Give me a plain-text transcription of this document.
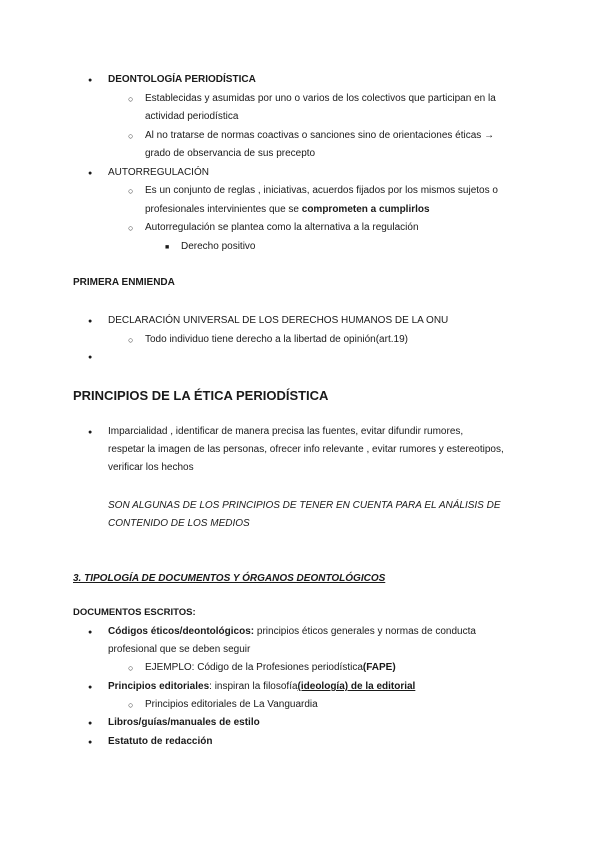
●
DEONTOLOGÍA PERIODÍSTICA
○
Establecidas y asumidas por uno o varios de los colectivos que participan en la
actividad periodística
○
Al no tratarse de normas coactivas o sanciones sino de orientaciones éticas →
grado de observancia de sus precepto
●
AUTORREGULACIÓN
○
Es un conjunto de reglas , iniciativas, acuerdos fijados por los mismos sujetos o
profesionales intervinientes que se comprometen a cumplirlos
○
Autorregulación se plantea como la alternativa a la regulación
■
Derecho positivo
PRIMERA ENMIENDA
●
DECLARACIÓN UNIVERSAL DE LOS DERECHOS HUMANOS DE LA ONU
○
Todo individuo tiene derecho a la libertad de opinión(art.19)
●
PRINCIPIOS DE LA ÉTICA PERIODÍSTICA
●
Imparcialidad , identificar de manera precisa las fuentes, evitar difundir rumores,
respetar la imagen de las personas, ofrecer info relevante , evitar rumores y estereotipos,
verificar los hechos
SON ALGUNAS DE LOS PRINCIPIOS DE TENER EN CUENTA PARA EL ANÁLISIS DE
CONTENIDO DE LOS MEDIOS
3. TIPOLOGÍA DE DOCUMENTOS Y ÓRGANOS DEONTOLÓGICOS
DOCUMENTOS ESCRITOS:
●
Códigos éticos/deontológicos: principios éticos generales y normas de conducta
profesional que se deben seguir
○
EJEMPLO: Código de la Profesiones periodística(FAPE)
●
Principios editoriales: inspiran la filosofía(ideología) de la editorial
○
Principios editoriales de La Vanguardia
●
Libros/guías/manuales de estilo
●
Estatuto de redacción
